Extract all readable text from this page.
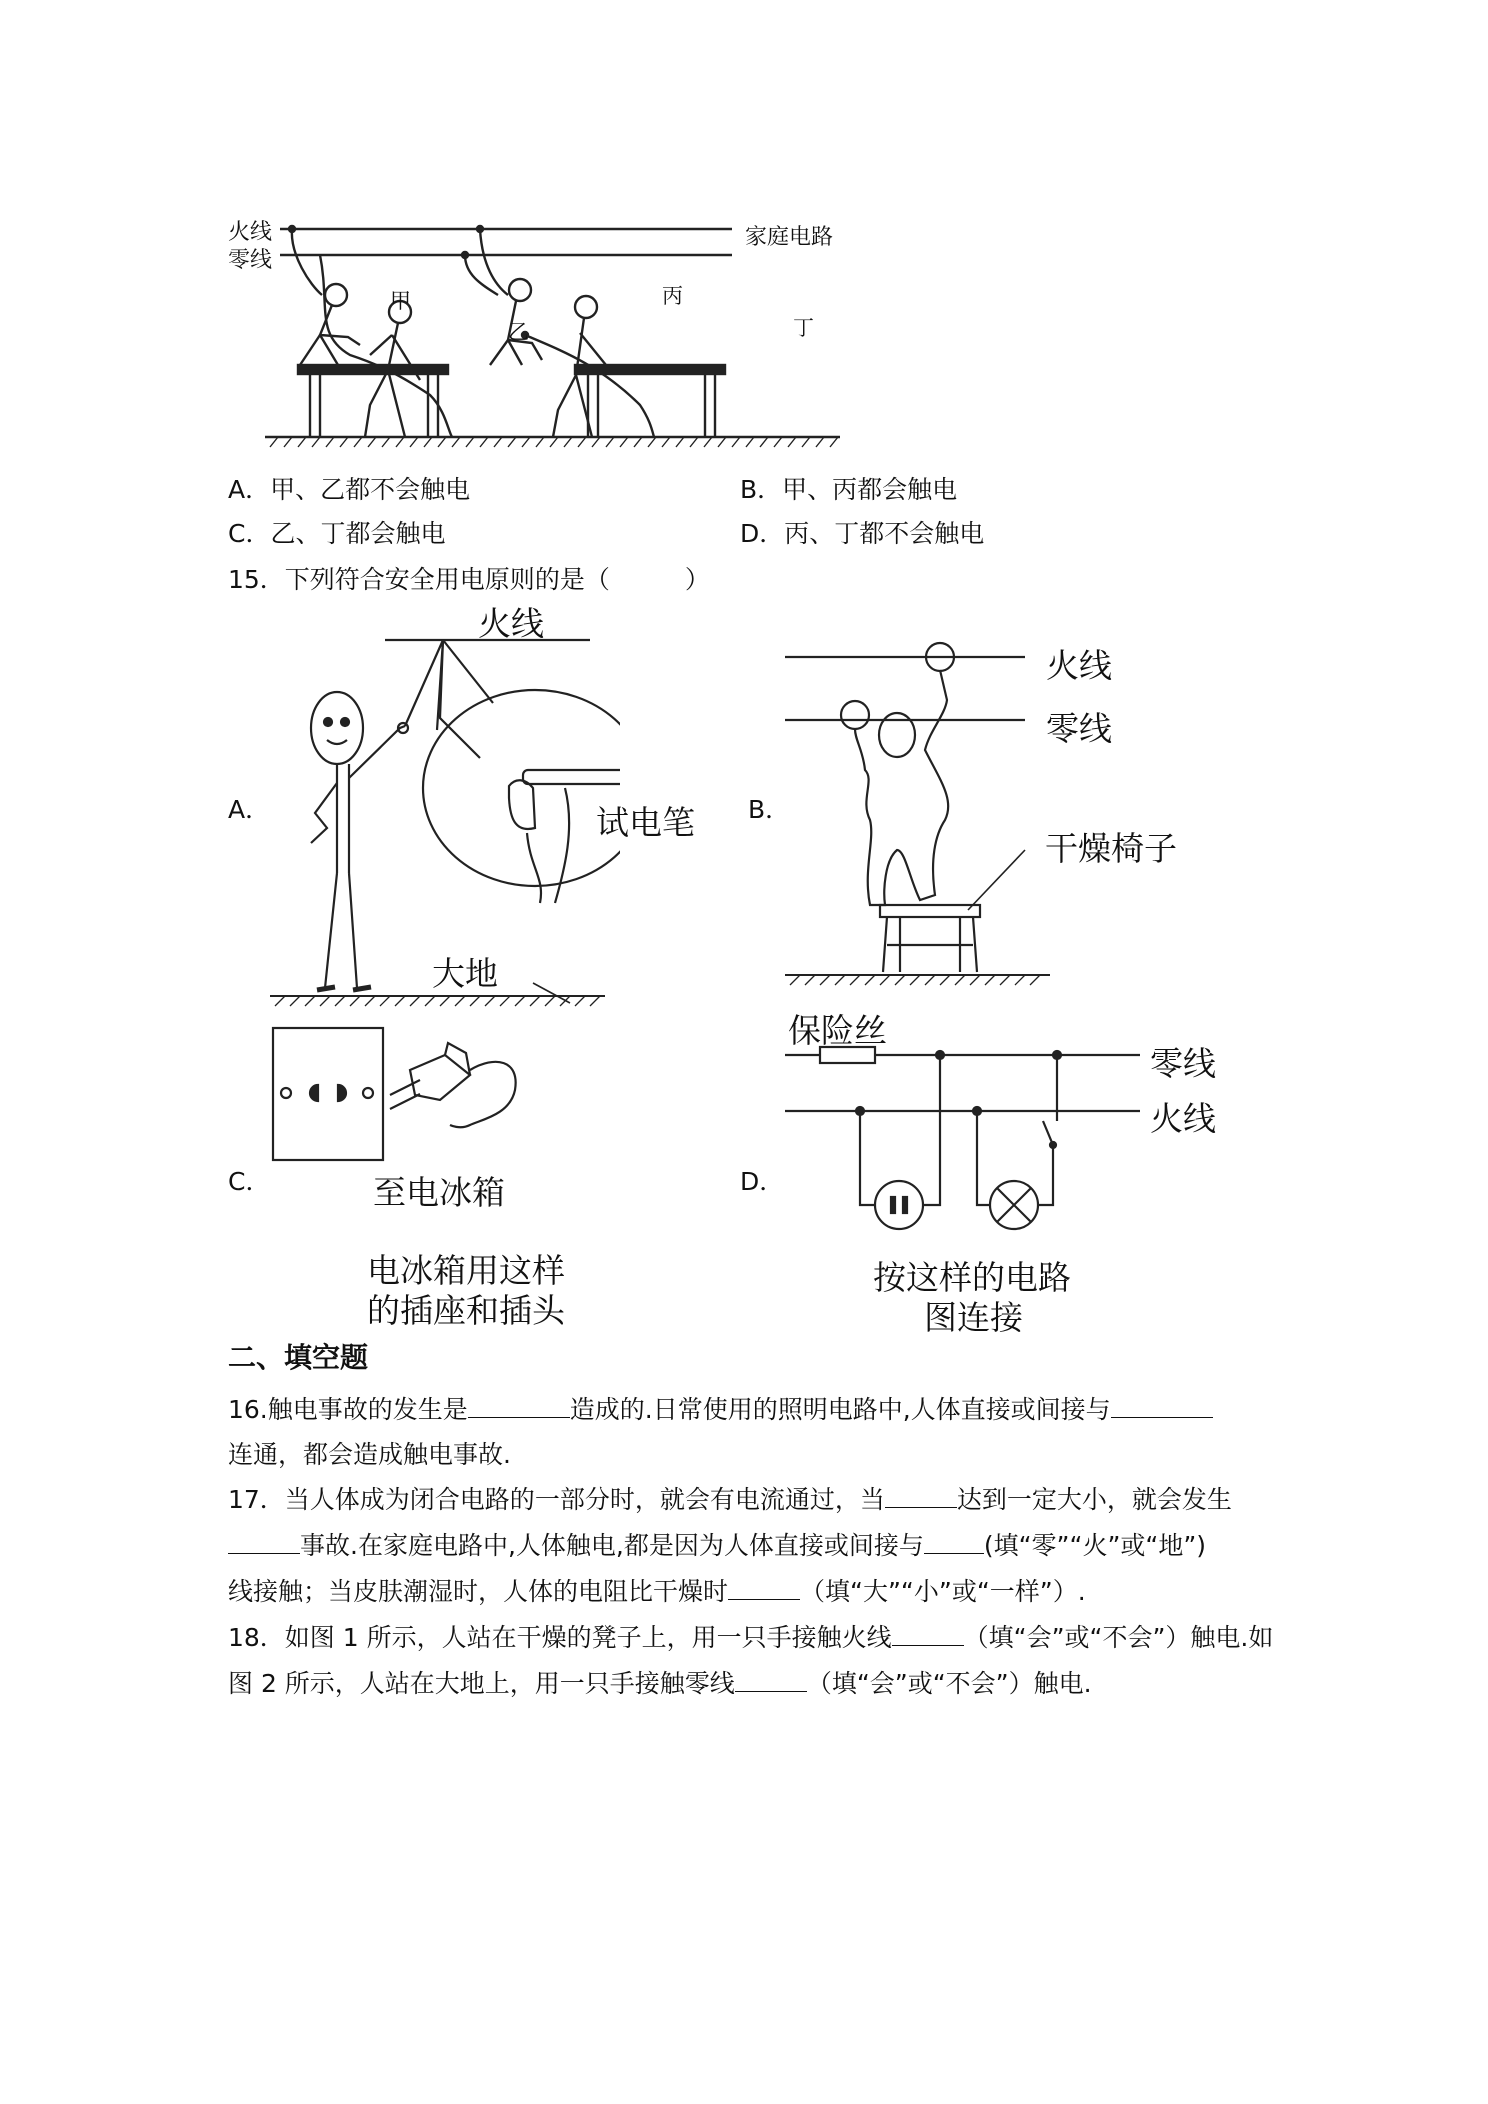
火线
零线
家庭电路
甲
乙
丙
丁
A．甲、乙都不会触电	B．甲、丙都会触电
C．乙、丁都会触电	D．丙、丁都不会触电
15．下列符合安全用电原则的是（　　　）
A．
火线
试电笔
大地
B．
火线
零线
干燥椅子
C．	至电冰箱
电冰箱用这样
的插座和插头
D．
保险丝
零线
火线
按这样的电路
图连接
二、填空题
16.触电事故的发生是	造成的.日常使用的照明电路中,人体直接或间接与
连通，都会造成触电事故.
17．当人体成为闭合电路的一部分时，就会有电流通过，当	达到一定大小，就会发生
事故.在家庭电路中,人体触电,都是因为人体直接或间接与 (填“零”“火”或“地”)
线接触；当皮肤潮湿时，人体的电阻比干燥时	（填“大”“小”或“一样”）.
18．如图 1 所示，人站在干燥的凳子上，用一只手接触火线	（填“会”或“不会”）触电.如
图 2 所示，人站在大地上，用一只手接触零线	（填“会”或“不会”）触电.
